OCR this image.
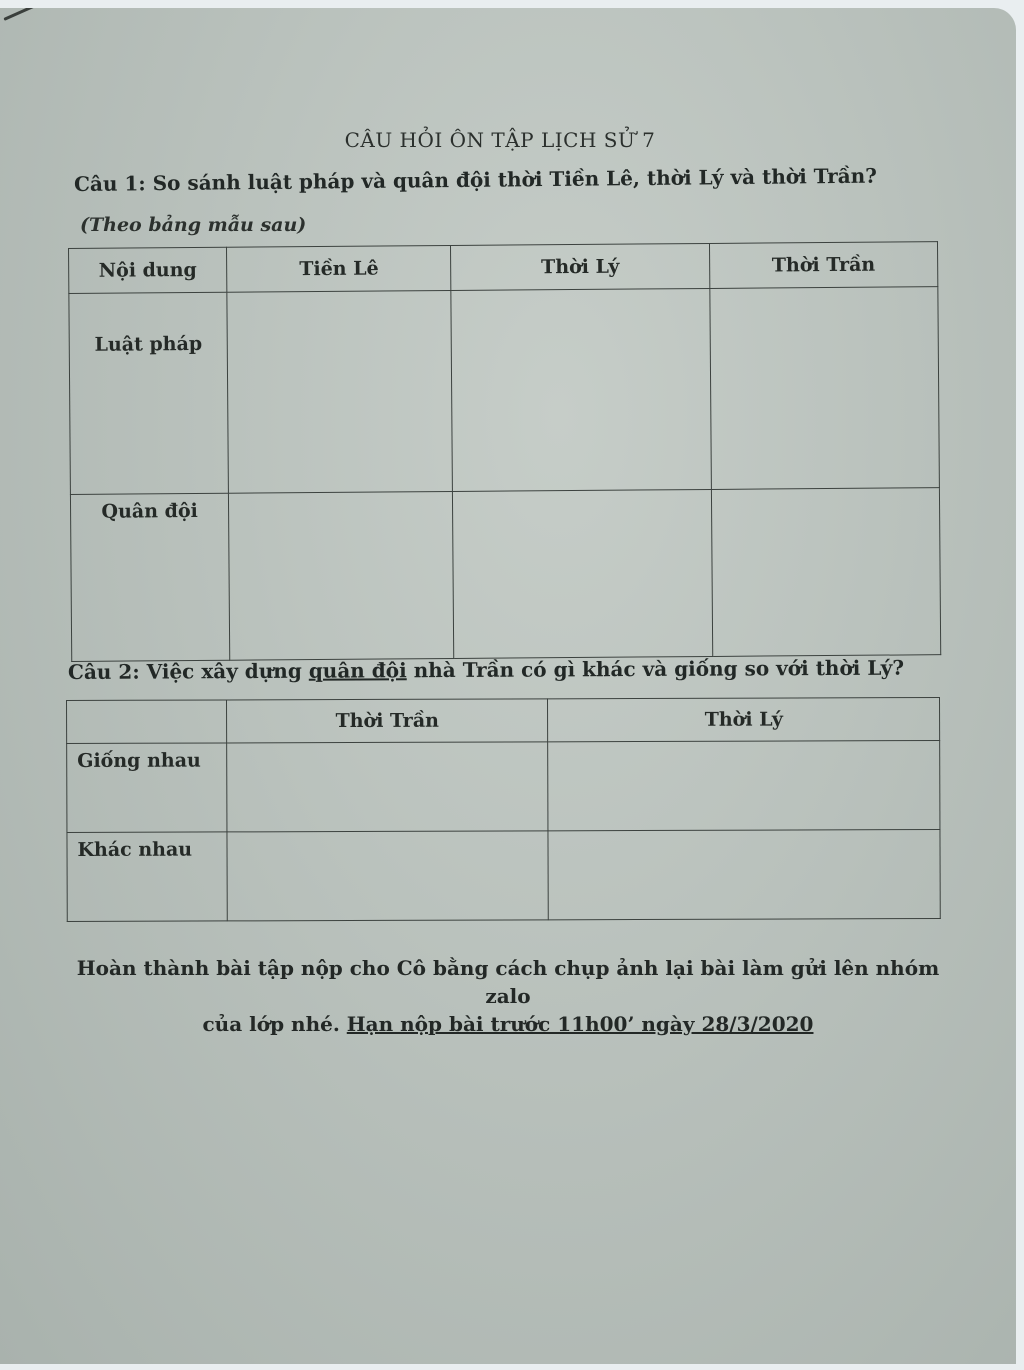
CÂU HỎI ÔN TẬP LỊCH SỬ 7
Câu 1: So sánh luật pháp và quân đội thời Tiền Lê, thời Lý và thời Trần?
(Theo bảng mẫu sau)
Nội dung	Tiền Lê	Thời Lý	Thời Trần
Luật pháp			
Quân đội			
Câu 2: Việc xây dựng quân đội nhà Trần có gì khác và giống so với thời Lý?
	Thời Trần	Thời Lý
Giống nhau		
Khác nhau		
Hoàn thành bài tập nộp cho Cô bằng cách chụp ảnh lại bài làm gửi lên nhóm zalo
của lớp nhé. Hạn nộp bài trước 11h00’ ngày 28/3/2020
